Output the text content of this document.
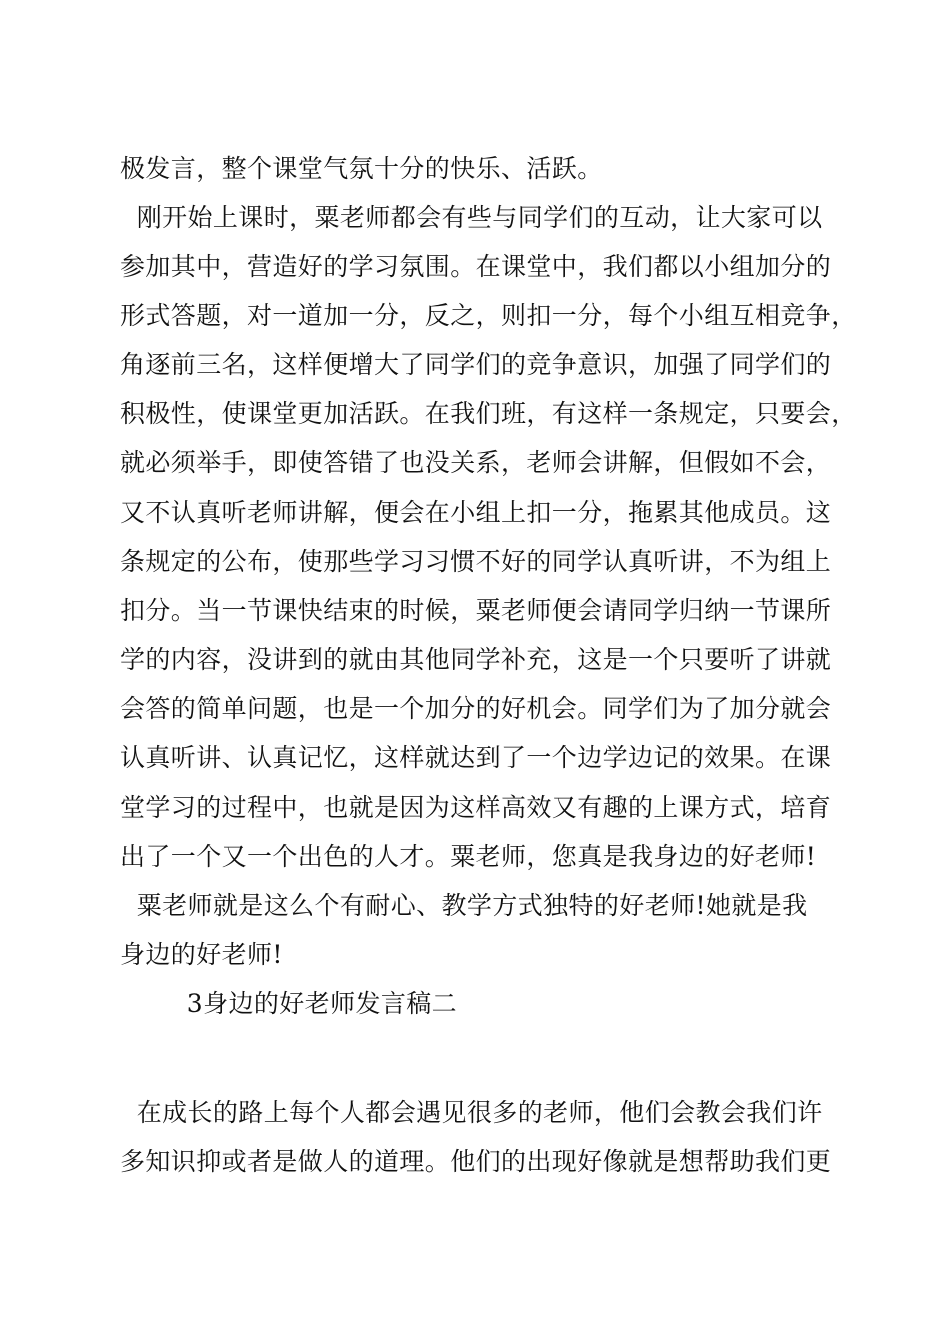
极发言，整个课堂气氛十分的快乐、活跃。
刚开始上课时，粟老师都会有些与同学们的互动，让大家可以
参加其中，营造好的学习氛围。在课堂中，我们都以小组加分的
形式答题，对一道加一分，反之，则扣一分，每个小组互相竞争，
角逐前三名，这样便增大了同学们的竞争意识，加强了同学们的
积极性，使课堂更加活跃。在我们班，有这样一条规定，只要会，
就必须举手，即使答错了也没关系，老师会讲解，但假如不会，
又不认真听老师讲解，便会在小组上扣一分，拖累其他成员。这
条规定的公布，使那些学习习惯不好的同学认真听讲，不为组上
扣分。当一节课快结束的时候，粟老师便会请同学归纳一节课所
学的内容，没讲到的就由其他同学补充，这是一个只要听了讲就
会答的简单问题，也是一个加分的好机会。同学们为了加分就会
认真听讲、认真记忆，这样就达到了一个边学边记的效果。在课
堂学习的过程中，也就是因为这样高效又有趣的上课方式，培育
出了一个又一个出色的人才。粟老师，您真是我身边的好老师!
粟老师就是这么个有耐心、教学方式独特的好老师!她就是我
身边的好老师!
3身边的好老师发言稿二
在成长的路上每个人都会遇见很多的老师，他们会教会我们许
多知识抑或者是做人的道理。他们的出现好像就是想帮助我们更
